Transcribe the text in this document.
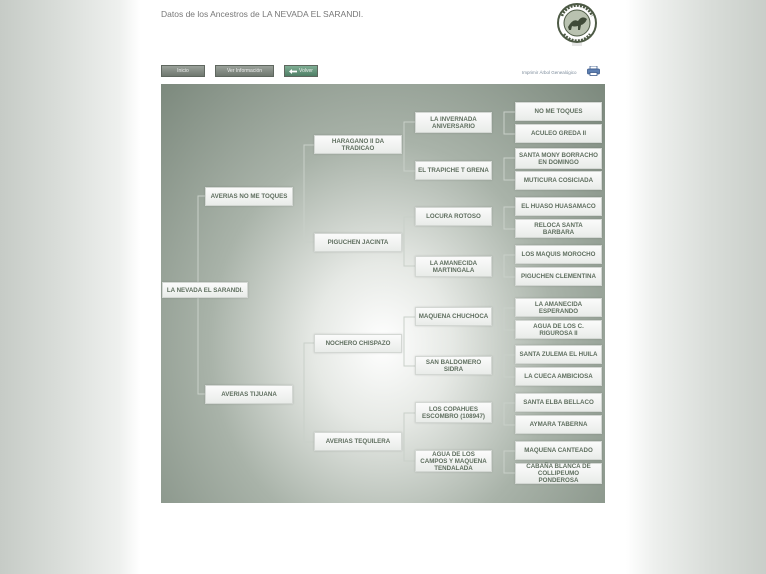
Datos de los Ancestros de LA NEVADA EL SARANDI.
Inicio	Ver Información	Volver	Imprimir Árbol Genealógico
LA NEVADA EL SARANDI.
AVERIAS NO ME TOQUES
AVERIAS TIJUANA
HARAGANO II DA TRADICAO
PIGUCHEN JACINTA
NOCHERO CHISPAZO
AVERIAS TEQUILERA
LA INVERNADA ANIVERSARIO
EL TRAPICHE T GRENA
LOCURA ROTOSO
LA AMANECIDA MARTINGALA
MAQUENA CHUCHOCA
SAN BALDOMERO SIDRA
LOS COPAHUES ESCOMBRO (108947)
AGUA DE LOS CAMPOS Y MAQUENA TENDALADA
NO ME TOQUES
ACULEO GREDA II
SANTA MONY BORRACHO EN DOMINGO
MUTICURA COSICIADA
EL HUASO HUASAMACO
RELOCA SANTA BARBARA
LOS MAQUIS MOROCHO
PIGUCHEN CLEMENTINA
LA AMANECIDA ESPERANDO
AGUA DE LOS C. RIGUROSA II
SANTA ZULEMA EL HUILA
LA CUECA AMBICIOSA
SANTA ELBA BELLACO
AYMARA TABERNA
MAQUENA CANTEADO
CABAÑA BLANCA DE COLLIPEUMO PONDEROSA
